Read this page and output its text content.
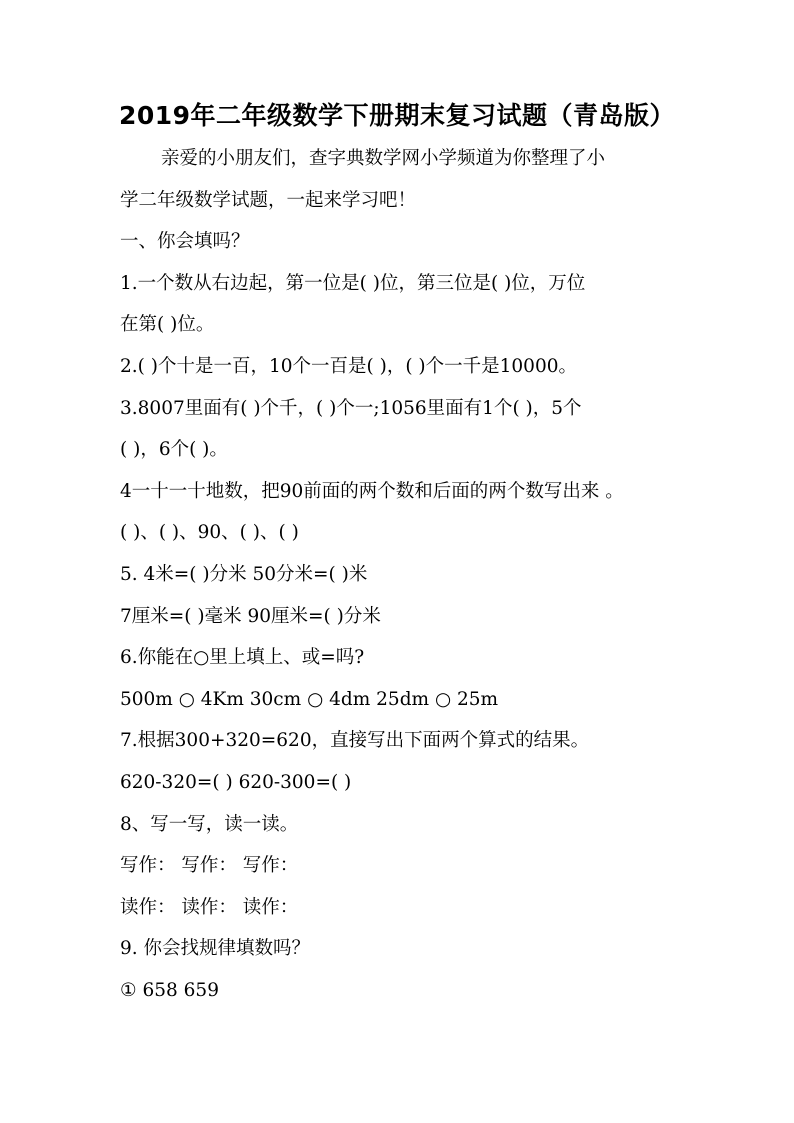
2019年二年级数学下册期末复习试题（青岛版）
亲爱的小朋友们，查字典数学网小学频道为你整理了小
学二年级数学试题，一起来学习吧！
一、你会填吗？
1.一个数从右边起，第一位是( )位，第三位是( )位，万位
在第( )位。
2.( )个十是一百，10个一百是( )，( )个一千是10000。
3.8007里面有( )个千，( )个一;1056里面有1个( )，5个
( )，6个( )。
4一十一十地数，把90前面的两个数和后面的两个数写出来 。
( )、( )、90、( )、( )
5. 4米=( )分米 50分米=( )米
7厘米=( )毫米 90厘米=( )分米
6.你能在○里上填上、或=吗?
500m ○ 4Km 30cm ○ 4dm 25dm ○ 25m
7.根据300+320=620，直接写出下面两个算式的结果。
620-320=( ) 620-300=( )
8、写一写，读一读。
写作： 写作： 写作：
读作： 读作： 读作：
9. 你会找规律填数吗？
① 658 659
